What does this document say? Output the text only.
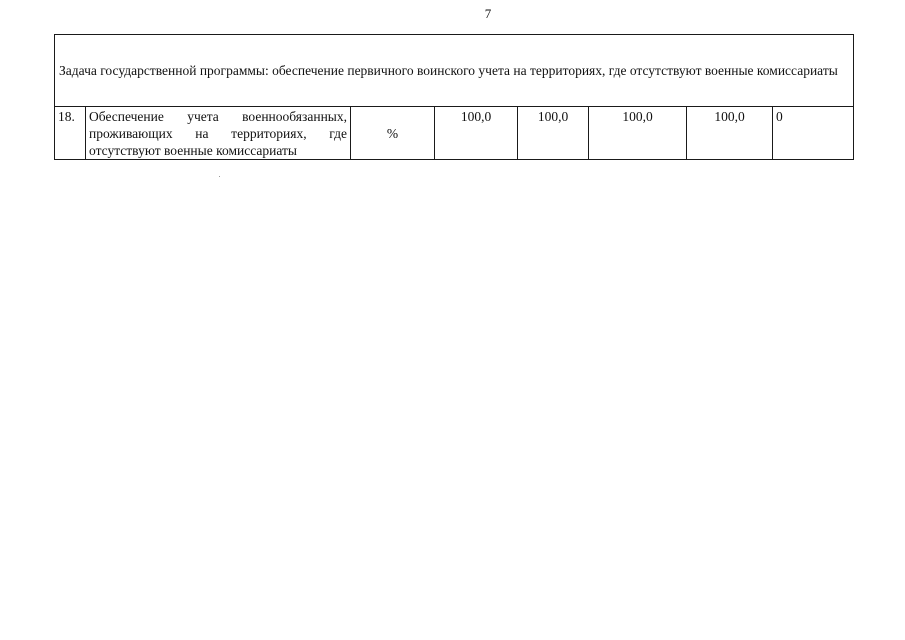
7
Задача государственной программы: обеспечение первичного воинского учета на территориях, где отсутствуют военные комиссариаты
18.	Обеспечение учета военнообязанных, проживающих на территориях, где отсутствуют военные комиссариаты	%	100,0	100,0	100,0	100,0	0
